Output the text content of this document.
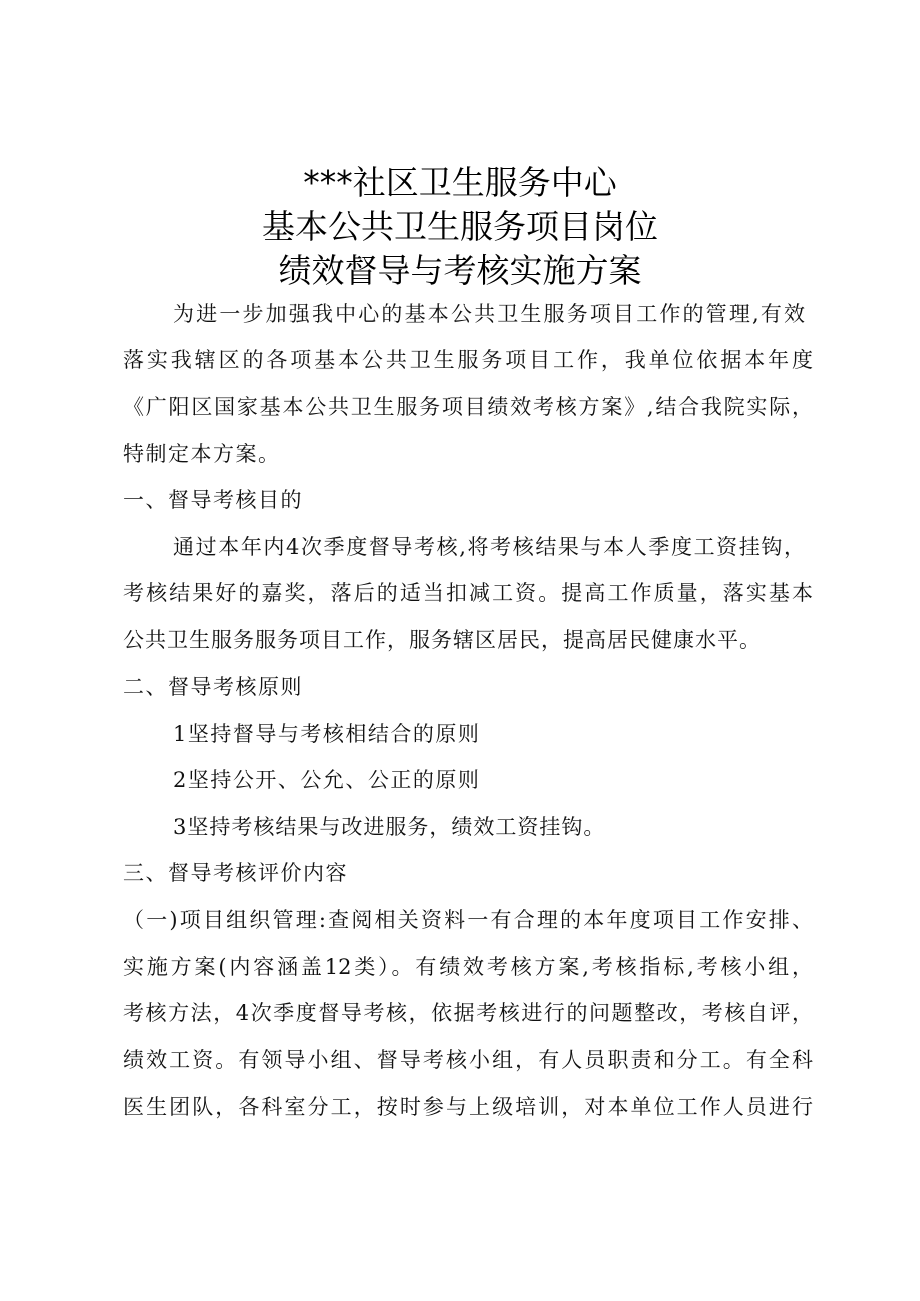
***社区卫生服务中心
基本公共卫生服务项目岗位
绩效督导与考核实施方案
为进一步加强我中心的基本公共卫生服务项目工作的管理,有效
落实我辖区的各项基本公共卫生服务项目工作，我单位依据本年度
《广阳区国家基本公共卫生服务项目绩效考核方案》,结合我院实际，
特制定本方案。
一、督导考核目的
通过本年内4次季度督导考核,将考核结果与本人季度工资挂钩，
考核结果好的嘉奖，落后的适当扣减工资。提高工作质量，落实基本
公共卫生服务服务项目工作，服务辖区居民，提高居民健康水平。
二、督导考核原则
1坚持督导与考核相结合的原则
2坚持公开、公允、公正的原则
3坚持考核结果与改进服务，绩效工资挂钩。
三、督导考核评价内容
（一)项目组织管理:查阅相关资料一有合理的本年度项目工作安排、
实施方案(内容涵盖12类）。有绩效考核方案,考核指标,考核小组，
考核方法，4次季度督导考核，依据考核进行的问题整改，考核自评，
绩效工资。有领导小组、督导考核小组，有人员职责和分工。有全科
医生团队，各科室分工，按时参与上级培训，对本单位工作人员进行
